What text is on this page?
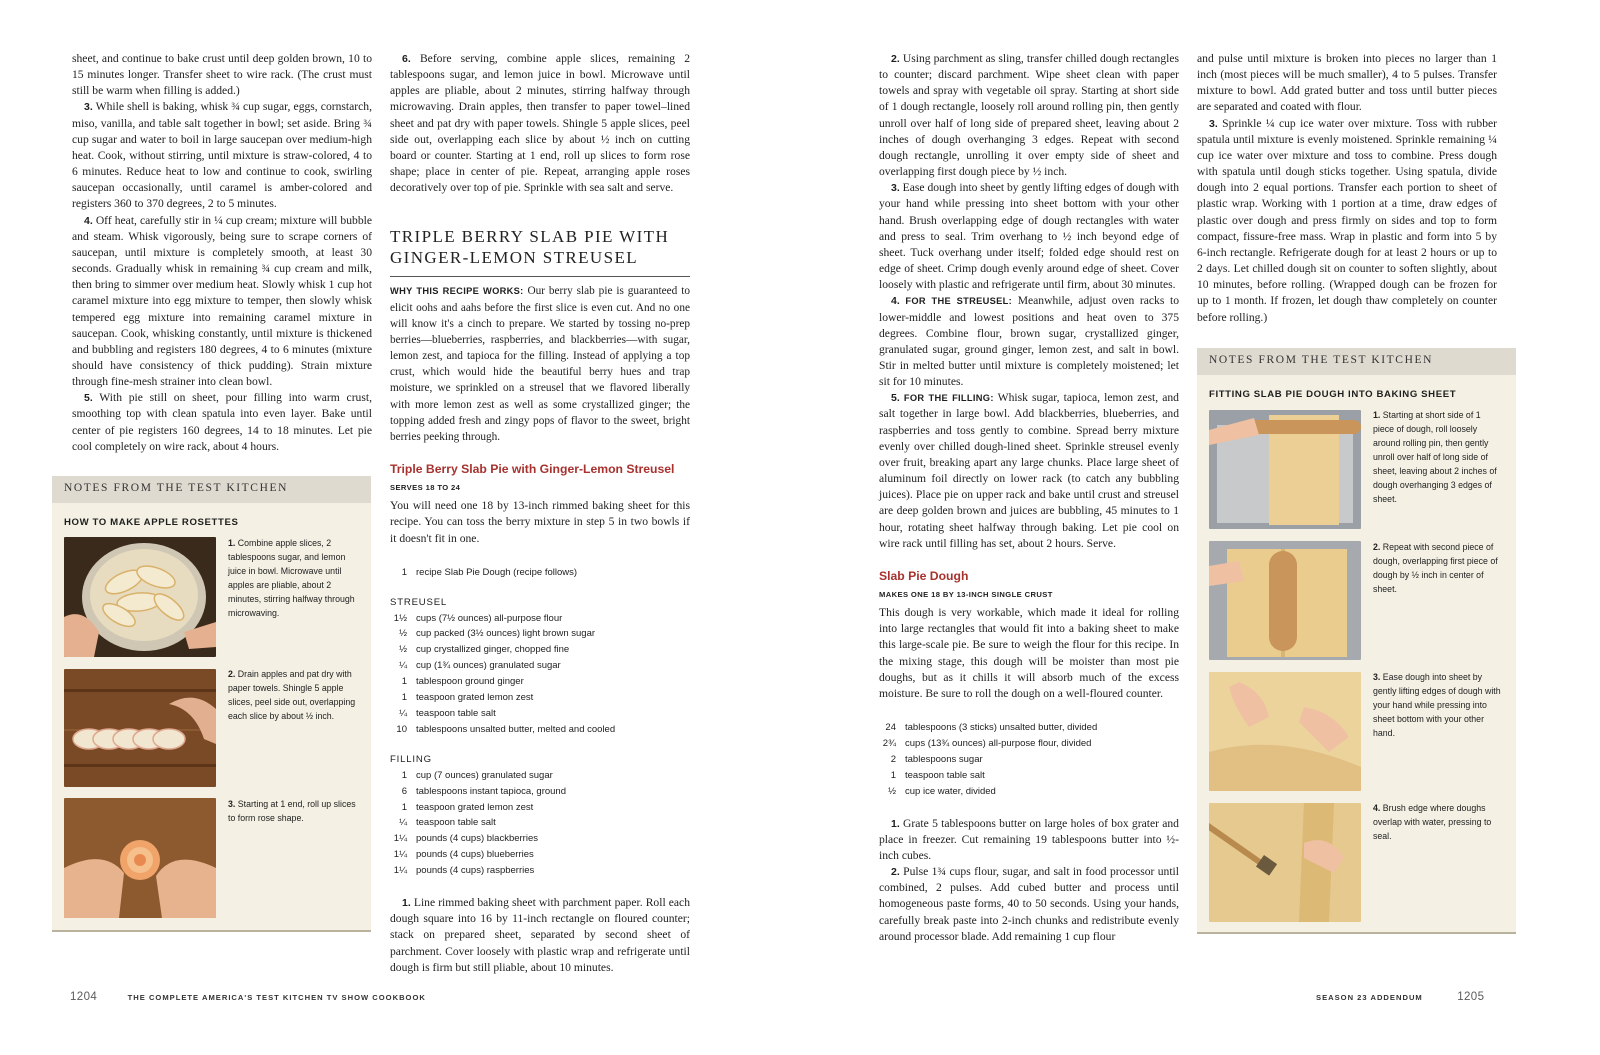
sheet, and continue to bake crust until deep golden brown, 10 to 15 minutes longer. Transfer sheet to wire rack. (The crust must still be warm when filling is added.)

3. While shell is baking, whisk ¾ cup sugar, eggs, cornstarch, miso, vanilla, and table salt together in bowl; set aside. Bring ¾ cup sugar and water to boil in large saucepan over medium-high heat. Cook, without stirring, until mixture is straw-colored, 4 to 6 minutes. Reduce heat to low and continue to cook, swirling saucepan occasionally, until caramel is amber-colored and registers 360 to 370 degrees, 2 to 5 minutes.

4. Off heat, carefully stir in ¼ cup cream; mixture will bubble and steam. Whisk vigorously, being sure to scrape corners of saucepan, until mixture is completely smooth, at least 30 seconds. Gradually whisk in remaining ¾ cup cream and milk, then bring to simmer over medium heat. Slowly whisk 1 cup hot caramel mixture into egg mixture to temper, then slowly whisk tempered egg mixture into remaining caramel mixture in saucepan. Cook, whisking constantly, until mixture is thickened and bubbling and registers 180 degrees, 4 to 6 minutes (mixture should have consistency of thick pudding). Strain mixture through fine-mesh strainer into clean bowl.

5. With pie still on sheet, pour filling into warm crust, smoothing top with clean spatula into even layer. Bake until center of pie registers 160 degrees, 14 to 18 minutes. Let pie cool completely on wire rack, about 4 hours.

NOTES FROM THE TEST KITCHEN
HOW TO MAKE APPLE ROSETTES
1. Combine apple slices, 2 tablespoons sugar, and lemon juice in bowl. Microwave until apples are pliable, about 2 minutes, stirring halfway through microwaving.
2. Drain apples and pat dry with paper towels. Shingle 5 apple slices, peel side out, overlapping each slice by about ½ inch.
3. Starting at 1 end, roll up slices to form rose shape.

6. Before serving, combine apple slices, remaining 2 tablespoons sugar, and lemon juice in bowl. Microwave until apples are pliable, about 2 minutes, stirring halfway through microwaving. Drain apples, then transfer to paper towel–lined sheet and pat dry with paper towels. Shingle 5 apple slices, peel side out, overlapping each slice by about ½ inch on cutting board or counter. Starting at 1 end, roll up slices to form rose shape; place in center of pie. Repeat, arranging apple roses decoratively over top of pie. Sprinkle with sea salt and serve.

TRIPLE BERRY SLAB PIE WITH
GINGER-LEMON STREUSEL

WHY THIS RECIPE WORKS: Our berry slab pie is guaranteed to elicit oohs and aahs before the first slice is even cut. And no one will know it's a cinch to prepare. We started by tossing no-prep berries—blueberries, raspberries, and blackberries—with sugar, lemon zest, and tapioca for the filling. Instead of applying a top crust, which would hide the beautiful berry hues and trap moisture, we sprinkled on a streusel that we flavored liberally with more lemon zest as well as some crystallized ginger; the topping added fresh and zingy pops of flavor to the sweet, bright berries peeking through.

Triple Berry Slab Pie with Ginger-Lemon Streusel
SERVES 18 TO 24

You will need one 18 by 13-inch rimmed baking sheet for this recipe. You can toss the berry mixture in step 5 in two bowls if it doesn't fit in one.

1 recipe Slab Pie Dough (recipe follows)
STREUSEL
1½ cups (7½ ounces) all-purpose flour
½ cup packed (3½ ounces) light brown sugar
½ cup crystallized ginger, chopped fine
¼ cup (1¾ ounces) granulated sugar
1 tablespoon ground ginger
1 teaspoon grated lemon zest
¼ teaspoon table salt
10 tablespoons unsalted butter, melted and cooled
FILLING
1 cup (7 ounces) granulated sugar
6 tablespoons instant tapioca, ground
1 teaspoon grated lemon zest
¼ teaspoon table salt
1¼ pounds (4 cups) blackberries
1¼ pounds (4 cups) blueberries
1¼ pounds (4 cups) raspberries

1. Line rimmed baking sheet with parchment paper. Roll each dough square into 16 by 11-inch rectangle on floured counter; stack on prepared sheet, separated by second sheet of parchment. Cover loosely with plastic wrap and refrigerate until dough is firm but still pliable, about 10 minutes.

1204	THE COMPLETE AMERICA'S TEST KITCHEN TV SHOW COOKBOOK

2. Using parchment as sling, transfer chilled dough rectangles to counter; discard parchment. Wipe sheet clean with paper towels and spray with vegetable oil spray. Starting at short side of 1 dough rectangle, loosely roll around rolling pin, then gently unroll over half of long side of prepared sheet, leaving about 2 inches of dough overhanging 3 edges. Repeat with second dough rectangle, unrolling it over empty side of sheet and overlapping first dough piece by ½ inch.

3. Ease dough into sheet by gently lifting edges of dough with your hand while pressing into sheet bottom with your other hand. Brush overlapping edge of dough rectangles with water and press to seal. Trim overhang to ½ inch beyond edge of sheet. Tuck overhang under itself; folded edge should rest on edge of sheet. Crimp dough evenly around edge of sheet. Cover loosely with plastic and refrigerate until firm, about 30 minutes.

4. FOR THE STREUSEL: Meanwhile, adjust oven racks to lower-middle and lowest positions and heat oven to 375 degrees. Combine flour, brown sugar, crystallized ginger, granulated sugar, ground ginger, lemon zest, and salt in bowl. Stir in melted butter until mixture is completely moistened; let sit for 10 minutes.

5. FOR THE FILLING: Whisk sugar, tapioca, lemon zest, and salt together in large bowl. Add blackberries, blueberries, and raspberries and toss gently to combine. Spread berry mixture evenly over chilled dough-lined sheet. Sprinkle streusel evenly over fruit, breaking apart any large chunks. Place large sheet of aluminum foil directly on lower rack (to catch any bubbling juices). Place pie on upper rack and bake until crust and streusel are deep golden brown and juices are bubbling, 45 minutes to 1 hour, rotating sheet halfway through baking. Let pie cool on wire rack until filling has set, about 2 hours. Serve.

Slab Pie Dough
MAKES ONE 18 BY 13-INCH SINGLE CRUST

This dough is very workable, which made it ideal for rolling into large rectangles that would fit into a baking sheet to make this large-scale pie. Be sure to weigh the flour for this recipe. In the mixing stage, this dough will be moister than most pie doughs, but as it chills it will absorb much of the excess moisture. Be sure to roll the dough on a well-floured counter.

24 tablespoons (3 sticks) unsalted butter, divided
2¾ cups (13¾ ounces) all-purpose flour, divided
2 tablespoons sugar
1 teaspoon table salt
½ cup ice water, divided

1. Grate 5 tablespoons butter on large holes of box grater and place in freezer. Cut remaining 19 tablespoons butter into ½-inch cubes.

2. Pulse 1¾ cups flour, sugar, and salt in food processor until combined, 2 pulses. Add cubed butter and process until homogeneous paste forms, 40 to 50 seconds. Using your hands, carefully break paste into 2-inch chunks and redistribute evenly around processor blade. Add remaining 1 cup flour

and pulse until mixture is broken into pieces no larger than 1 inch (most pieces will be much smaller), 4 to 5 pulses. Transfer mixture to bowl. Add grated butter and toss until butter pieces are separated and coated with flour.

3. Sprinkle ¼ cup ice water over mixture. Toss with rubber spatula until mixture is evenly moistened. Sprinkle remaining ¼ cup ice water over mixture and toss to combine. Press dough with spatula until dough sticks together. Using spatula, divide dough into 2 equal portions. Transfer each portion to sheet of plastic wrap. Working with 1 portion at a time, draw edges of plastic over dough and press firmly on sides and top to form compact, fissure-free mass. Wrap in plastic and form into 5 by 6-inch rectangle. Refrigerate dough for at least 2 hours or up to 2 days. Let chilled dough sit on counter to soften slightly, about 10 minutes, before rolling. (Wrapped dough can be frozen for up to 1 month. If frozen, let dough thaw completely on counter before rolling.)

NOTES FROM THE TEST KITCHEN
FITTING SLAB PIE DOUGH INTO BAKING SHEET
1. Starting at short side of 1 piece of dough, roll loosely around rolling pin, then gently unroll over half of long side of sheet, leaving about 2 inches of dough overhanging 3 edges of sheet.
2. Repeat with second piece of dough, overlapping first piece of dough by ½ inch in center of sheet.
3. Ease dough into sheet by gently lifting edges of dough with your hand while pressing into sheet bottom with your other hand.
4. Brush edge where doughs overlap with water, pressing to seal.
SEASON 23 ADDENDUM	1205
